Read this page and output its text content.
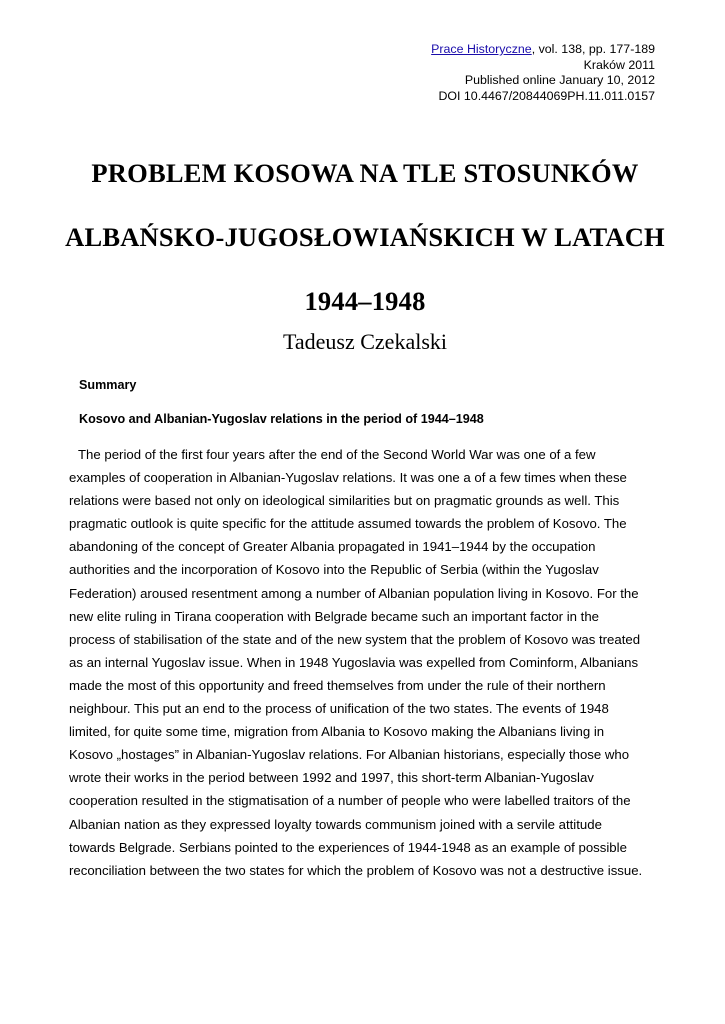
Prace Historyczne, vol. 138, pp. 177-189
Kraków 2011
Published online January 10, 2012
DOI 10.4467/20844069PH.11.011.0157
PROBLEM KOSOWA NA TLE STOSUNKÓW
ALBAŃSKO-JUGOSŁOWIAŃSKICH W LATACH
1944–1948
Tadeusz Czekalski
Summary
Kosovo and Albanian-Yugoslav relations in the period of 1944–1948
The period of the first four years after the end of the Second World War was one of a few
examples of cooperation in Albanian-Yugoslav relations. It was one a of a few times when these
relations were based not only on ideological similarities but on pragmatic grounds as well. This
pragmatic outlook is quite specific for the attitude assumed towards the problem of Kosovo. The
abandoning of the concept of Greater Albania propagated in 1941–1944 by the occupation
authorities and the incorporation of Kosovo into the Republic of Serbia (within the Yugoslav
Federation) aroused resentment among a number of Albanian population living in Kosovo. For the
new elite ruling in Tirana cooperation with Belgrade became such an important factor in the
process of stabilisation of the state and of the new system that the problem of Kosovo was treated
as an internal Yugoslav issue. When in 1948 Yugoslavia was expelled from Cominform, Albanians
made the most of this opportunity and freed themselves from under the rule of their northern
neighbour. This put an end to the process of unification of the two states. The events of 1948
limited, for quite some time, migration from Albania to Kosovo making the Albanians living in
Kosovo „hostages” in Albanian-Yugoslav relations. For Albanian historians, especially those who
wrote their works in the period between 1992 and 1997, this short-term Albanian-Yugoslav
cooperation resulted in the stigmatisation of a number of people who were labelled traitors of the
Albanian nation as they expressed loyalty towards communism joined with a servile attitude
towards Belgrade. Serbians pointed to the experiences of 1944-1948 as an example of possible
reconciliation between the two states for which the problem of Kosovo was not a destructive issue.
